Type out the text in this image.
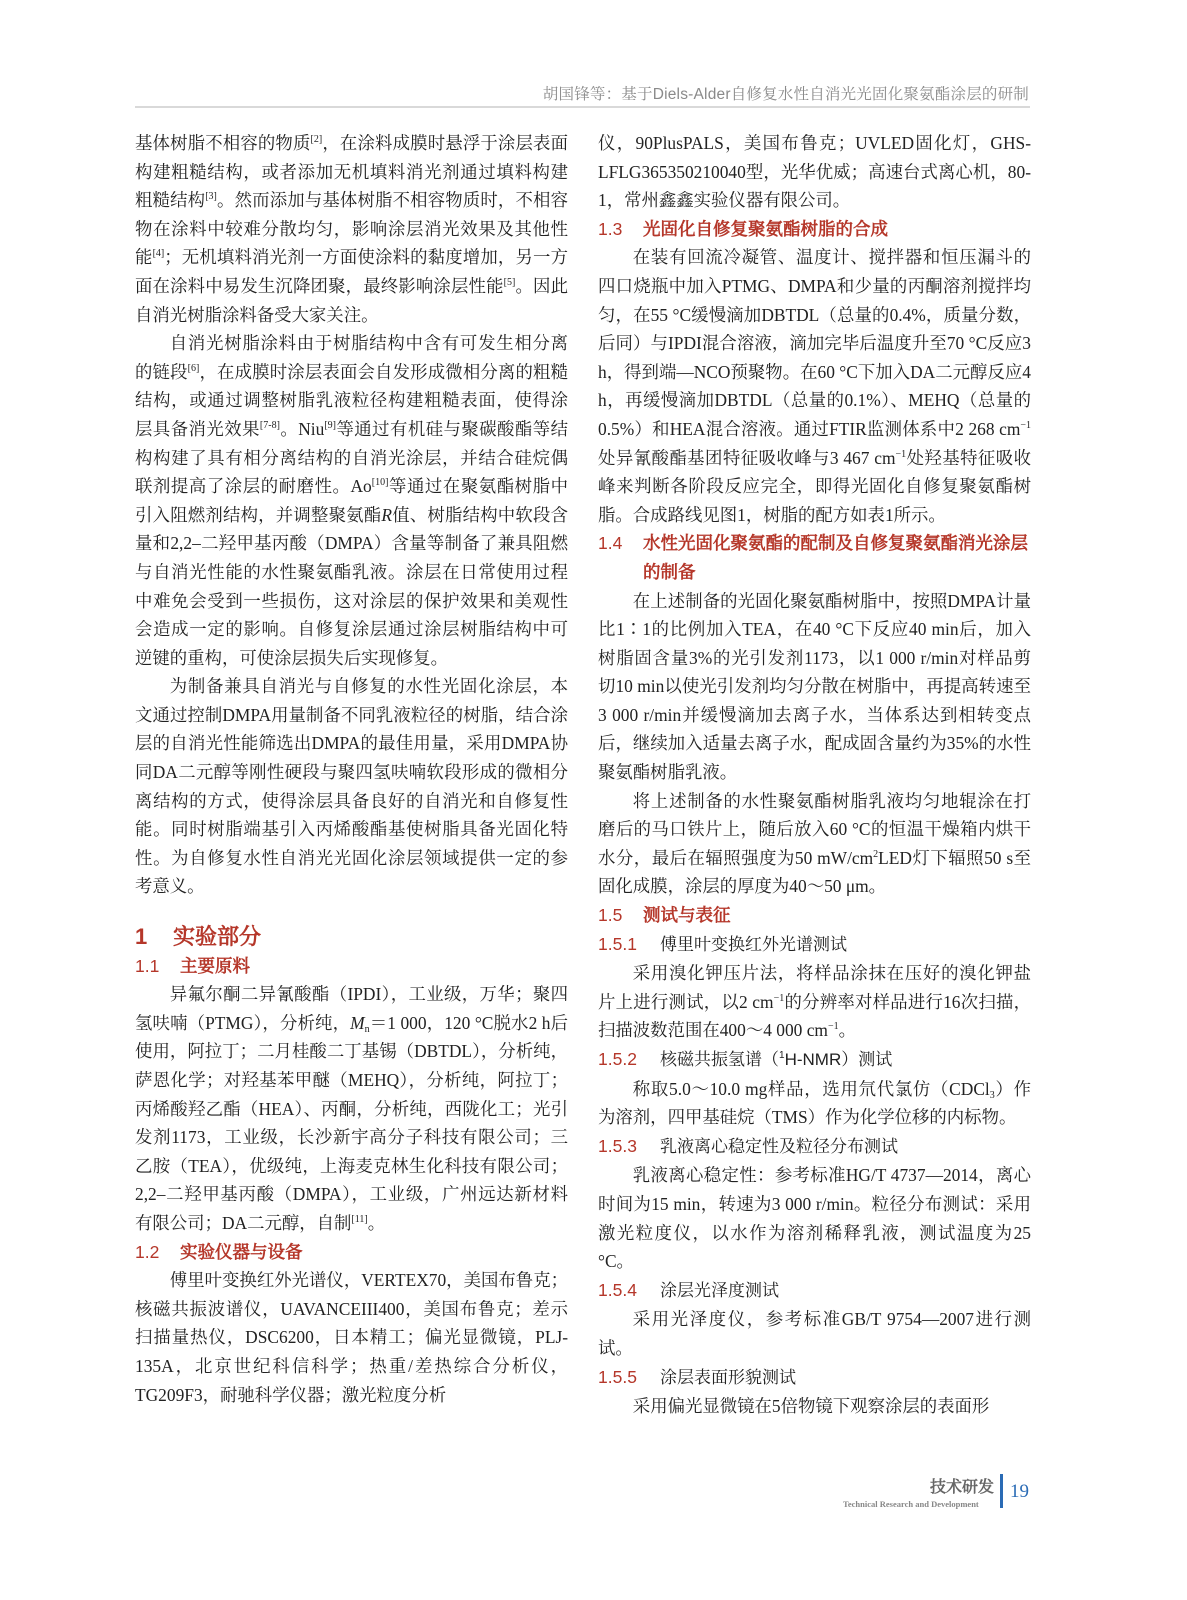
胡国锋等：基于Diels-Alder自修复水性自消光光固化聚氨酯涂层的研制

基体树脂不相容的物质[2]，在涂料成膜时悬浮于涂层表面构建粗糙结构，或者添加无机填料消光剂通过填料构建粗糙结构[3]。然而添加与基体树脂不相容物质时，不相容物在涂料中较难分散均匀，影响涂层消光效果及其他性能[4]；无机填料消光剂一方面使涂料的黏度增加，另一方面在涂料中易发生沉降团聚，最终影响涂层性能[5]。因此自消光树脂涂料备受大家关注。

自消光树脂涂料由于树脂结构中含有可发生相分离的链段[6]，在成膜时涂层表面会自发形成微相分离的粗糙结构，或通过调整树脂乳液粒径构建粗糙表面，使得涂层具备消光效果[7-8]。Niu[9]等通过有机硅与聚碳酸酯等结构构建了具有相分离结构的自消光涂层，并结合硅烷偶联剂提高了涂层的耐磨性。Ao[10]等通过在聚氨酯树脂中引入阻燃剂结构，并调整聚氨酯R值、树脂结构中软段含量和2,2–二羟甲基丙酸（DMPA）含量等制备了兼具阻燃与自消光性能的水性聚氨酯乳液。涂层在日常使用过程中难免会受到一些损伤，这对涂层的保护效果和美观性会造成一定的影响。自修复涂层通过涂层树脂结构中可逆键的重构，可使涂层损失后实现修复。

为制备兼具自消光与自修复的水性光固化涂层，本文通过控制DMPA用量制备不同乳液粒径的树脂，结合涂层的自消光性能筛选出DMPA的最佳用量，采用DMPA协同DA二元醇等刚性硬段与聚四氢呋喃软段形成的微相分离结构的方式，使得涂层具备良好的自消光和自修复性能。同时树脂端基引入丙烯酸酯基使树脂具备光固化特性。为自修复水性自消光光固化涂层领域提供一定的参考意义。

1 实验部分

1.1 主要原料

异氟尔酮二异氰酸酯（IPDI），工业级，万华；聚四氢呋喃（PTMG），分析纯，$M_n=1$ 000，120 °C脱水2 h后使用，阿拉丁；二月桂酸二丁基锡（DBTDL），分析纯，萨恩化学；对羟基苯甲醚（MEHQ），分析纯，阿拉丁；丙烯酸羟乙酯（HEA）、丙酮，分析纯，西陇化工；光引发剂1173，工业级，长沙新宇高分子科技有限公司；三乙胺（TEA），优级纯，上海麦克林生化科技有限公司；2,2–二羟甲基丙酸（DMPA），工业级，广州远达新材料有限公司；DA二元醇，自制[11]。

1.2 实验仪器与设备

傅里叶变换红外光谱仪，VERTEX70，美国布鲁克；核磁共振波谱仪，UAVANCEIII400，美国布鲁克；差示扫描量热仪，DSC6200，日本精工；偏光显微镜，PLJ-135A，北京世纪科信科学；热重/差热综合分析仪，TG209F3，耐驰科学仪器；激光粒度分析

仪，90PlusPALS，美国布鲁克；UVLED固化灯，GHS-LFLG365350210040型，光华优威；高速台式离心机，80-1，常州鑫鑫实验仪器有限公司。

1.3 光固化自修复聚氨酯树脂的合成

在装有回流冷凝管、温度计、搅拌器和恒压漏斗的四口烧瓶中加入PTMG、DMPA和少量的丙酮溶剂搅拌均匀，在55 °C缓慢滴加DBTDL（总量的0.4%，质量分数，后同）与IPDI混合溶液，滴加完毕后温度升至70 °C反应3 h，得到端—NCO预聚物。在60 °C下加入DA二元醇反应4 h，再缓慢滴加DBTDL（总量的0.1%）、MEHQ（总量的0.5%）和HEA混合溶液。通过FTIR监测体系中2 268 $cm^{-1}$处异氰酸酯基团特征吸收峰与3 467 $cm^{-1}$处羟基特征吸收峰来判断各阶段反应完全，即得光固化自修复聚氨酯树脂。合成路线见图1，树脂的配方如表1所示。

1.4 水性光固化聚氨酯的配制及自修复聚氨酯消光涂层的制备

在上述制备的光固化聚氨酯树脂中，按照DMPA计量比1∶1的比例加入TEA，在40 °C下反应40 min后，加入树脂固含量3%的光引发剂1173，以1 000 r/min对样品剪切10 min以使光引发剂均匀分散在树脂中，再提高转速至3 000 r/min并缓慢滴加去离子水，当体系达到相转变点后，继续加入适量去离子水，配成固含量约为35%的水性聚氨酯树脂乳液。

将上述制备的水性聚氨酯树脂乳液均匀地辊涂在打磨后的马口铁片上，随后放入60 °C的恒温干燥箱内烘干水分，最后在辐照强度为50 $mW/cm^2LED$灯下辐照50 s至固化成膜，涂层的厚度为40～50 μm。

1.5 测试与表征

1.5.1 傅里叶变换红外光谱测试

采用溴化钾压片法，将样品涂抹在压好的溴化钾盐片上进行测试，以2 $cm^{-1}$的分辨率对样品进行16次扫描，扫描波数范围在400～4 000 $cm^{-1}$。

1.5.2 核磁共振氢谱（$^1$H-NMR）测试

称取5.0～10.0 mg样品，选用氘代氯仿（CDCl$_3$）作为溶剂，四甲基硅烷（TMS）作为化学位移的内标物。

1.5.3 乳液离心稳定性及粒径分布测试

乳液离心稳定性：参考标准HG/T 4737—2014，离心时间为15 min，转速为3 000 r/min。粒径分布测试：采用激光粒度仪，以水作为溶剂稀释乳液，测试温度为25 °C。

1.5.4 涂层光泽度测试

采用光泽度仪，参考标准GB/T 9754—2007进行测试。

1.5.5 涂层表面形貌测试

采用偏光显微镜在5倍物镜下观察涂层的表面形

技术研发 19
Technical Research and Development
